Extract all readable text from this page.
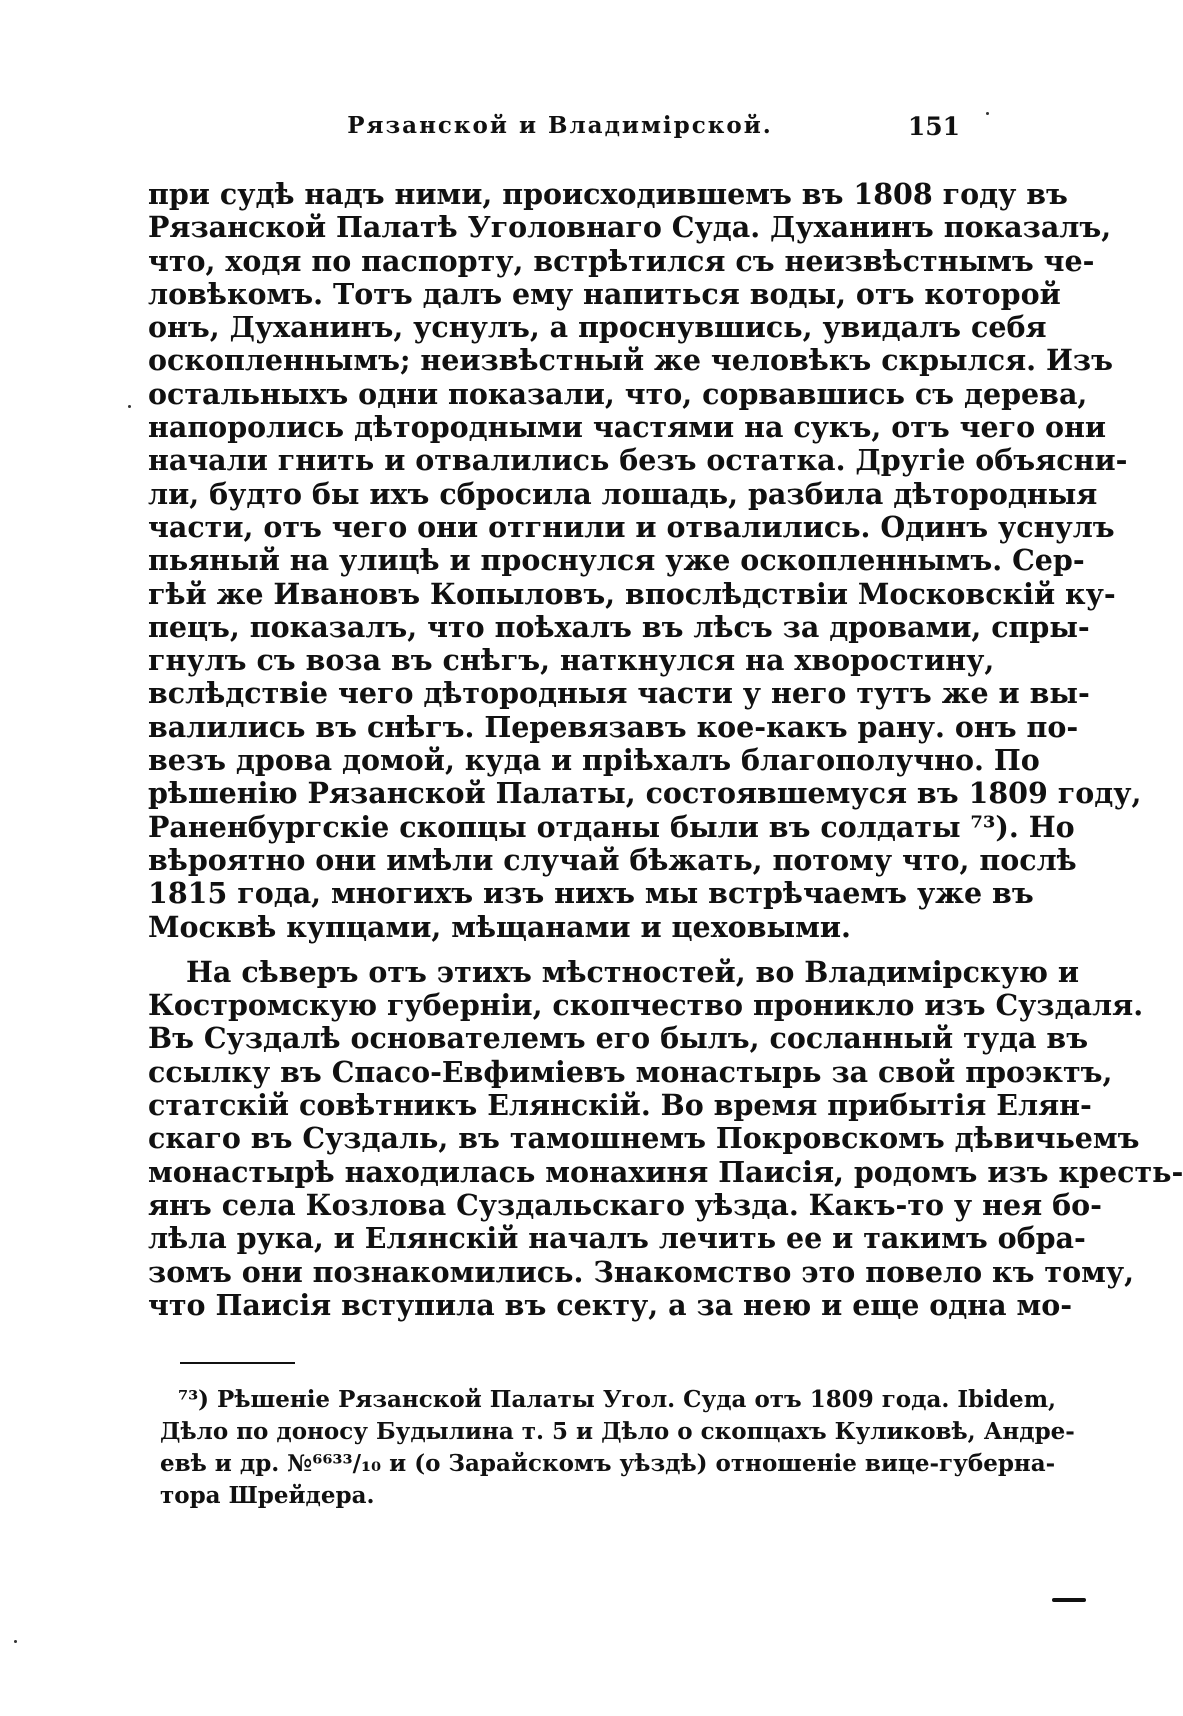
Рязанской и Владимірской.	151
при судѣ надъ ними, происходившемъ въ 1808 году въ
Рязанской Палатѣ Уголовнаго Суда. Духанинъ показалъ,
что, ходя по паспорту, встрѣтился съ неизвѣстнымъ че-
ловѣкомъ. Тотъ далъ ему напиться воды, отъ которой
онъ, Духанинъ, уснулъ, а проснувшись, увидалъ себя
оскопленнымъ; неизвѣстный же человѣкъ скрылся. Изъ
остальныхъ одни показали, что, сорвавшись съ дерева,
напоролись дѣтородными частями на сукъ, отъ чего они
начали гнить и отвалились безъ остатка. Другіе объясни-
ли, будто бы ихъ сбросила лошадь, разбила дѣтородныя
части, отъ чего они отгнили и отвалились. Одинъ уснулъ
пьяный на улицѣ и проснулся уже оскопленнымъ. Сер-
гѣй же Ивановъ Копыловъ, впослѣдствіи Московскій ку-
пецъ, показалъ, что поѣхалъ въ лѣсъ за дровами, спры-
гнулъ съ воза въ снѣгъ, наткнулся на хворостину,
вслѣдствіе чего дѣтородныя части у него тутъ же и вы-
валились въ снѣгъ. Перевязавъ кое-какъ рану. онъ по-
везъ дрова домой, куда и пріѣхалъ благополучно. По
рѣшенію Рязанской Палаты, состоявшемуся въ 1809 году,
Раненбургскіе скопцы отданы были въ солдаты ⁷³). Но
вѣроятно они имѣли случай бѣжать, потому что, послѣ
1815 года, многихъ изъ нихъ мы встрѣчаемъ уже въ
Москвѣ купцами, мѣщанами и цеховыми.
На сѣверъ отъ этихъ мѣстностей, во Владимірскую и
Костромскую губерніи, скопчество проникло изъ Суздаля.
Въ Суздалѣ основателемъ его былъ, сосланный туда въ
ссылку въ Спасо-Евфиміевъ монастырь за свой проэктъ,
статскій совѣтникъ Елянскій. Во время прибытія Елян-
скаго въ Суздаль, въ тамошнемъ Покровскомъ дѣвичьемъ
монастырѣ находилась монахиня Паисія, родомъ изъ кресть-
янъ села Козлова Суздальскаго уѣзда. Какъ-то у нея бо-
лѣла рука, и Елянскій началъ лечить ее и такимъ обра-
зомъ они познакомились. Знакомство это повело къ тому,
что Паисія вступила въ секту, а за нею и еще одна мо-
⁷³) Рѣшеніе Рязанской Палаты Угол. Суда отъ 1809 года. Ibidem,
Дѣло по доносу Будылина т. 5 и Дѣло о скопцахъ Куликовѣ, Андре-
евѣ и др. №⁶⁶³³/₁₀ и (о Зарайскомъ уѣздѣ) отношеніе вице-губерна-
тора Шрейдера.
